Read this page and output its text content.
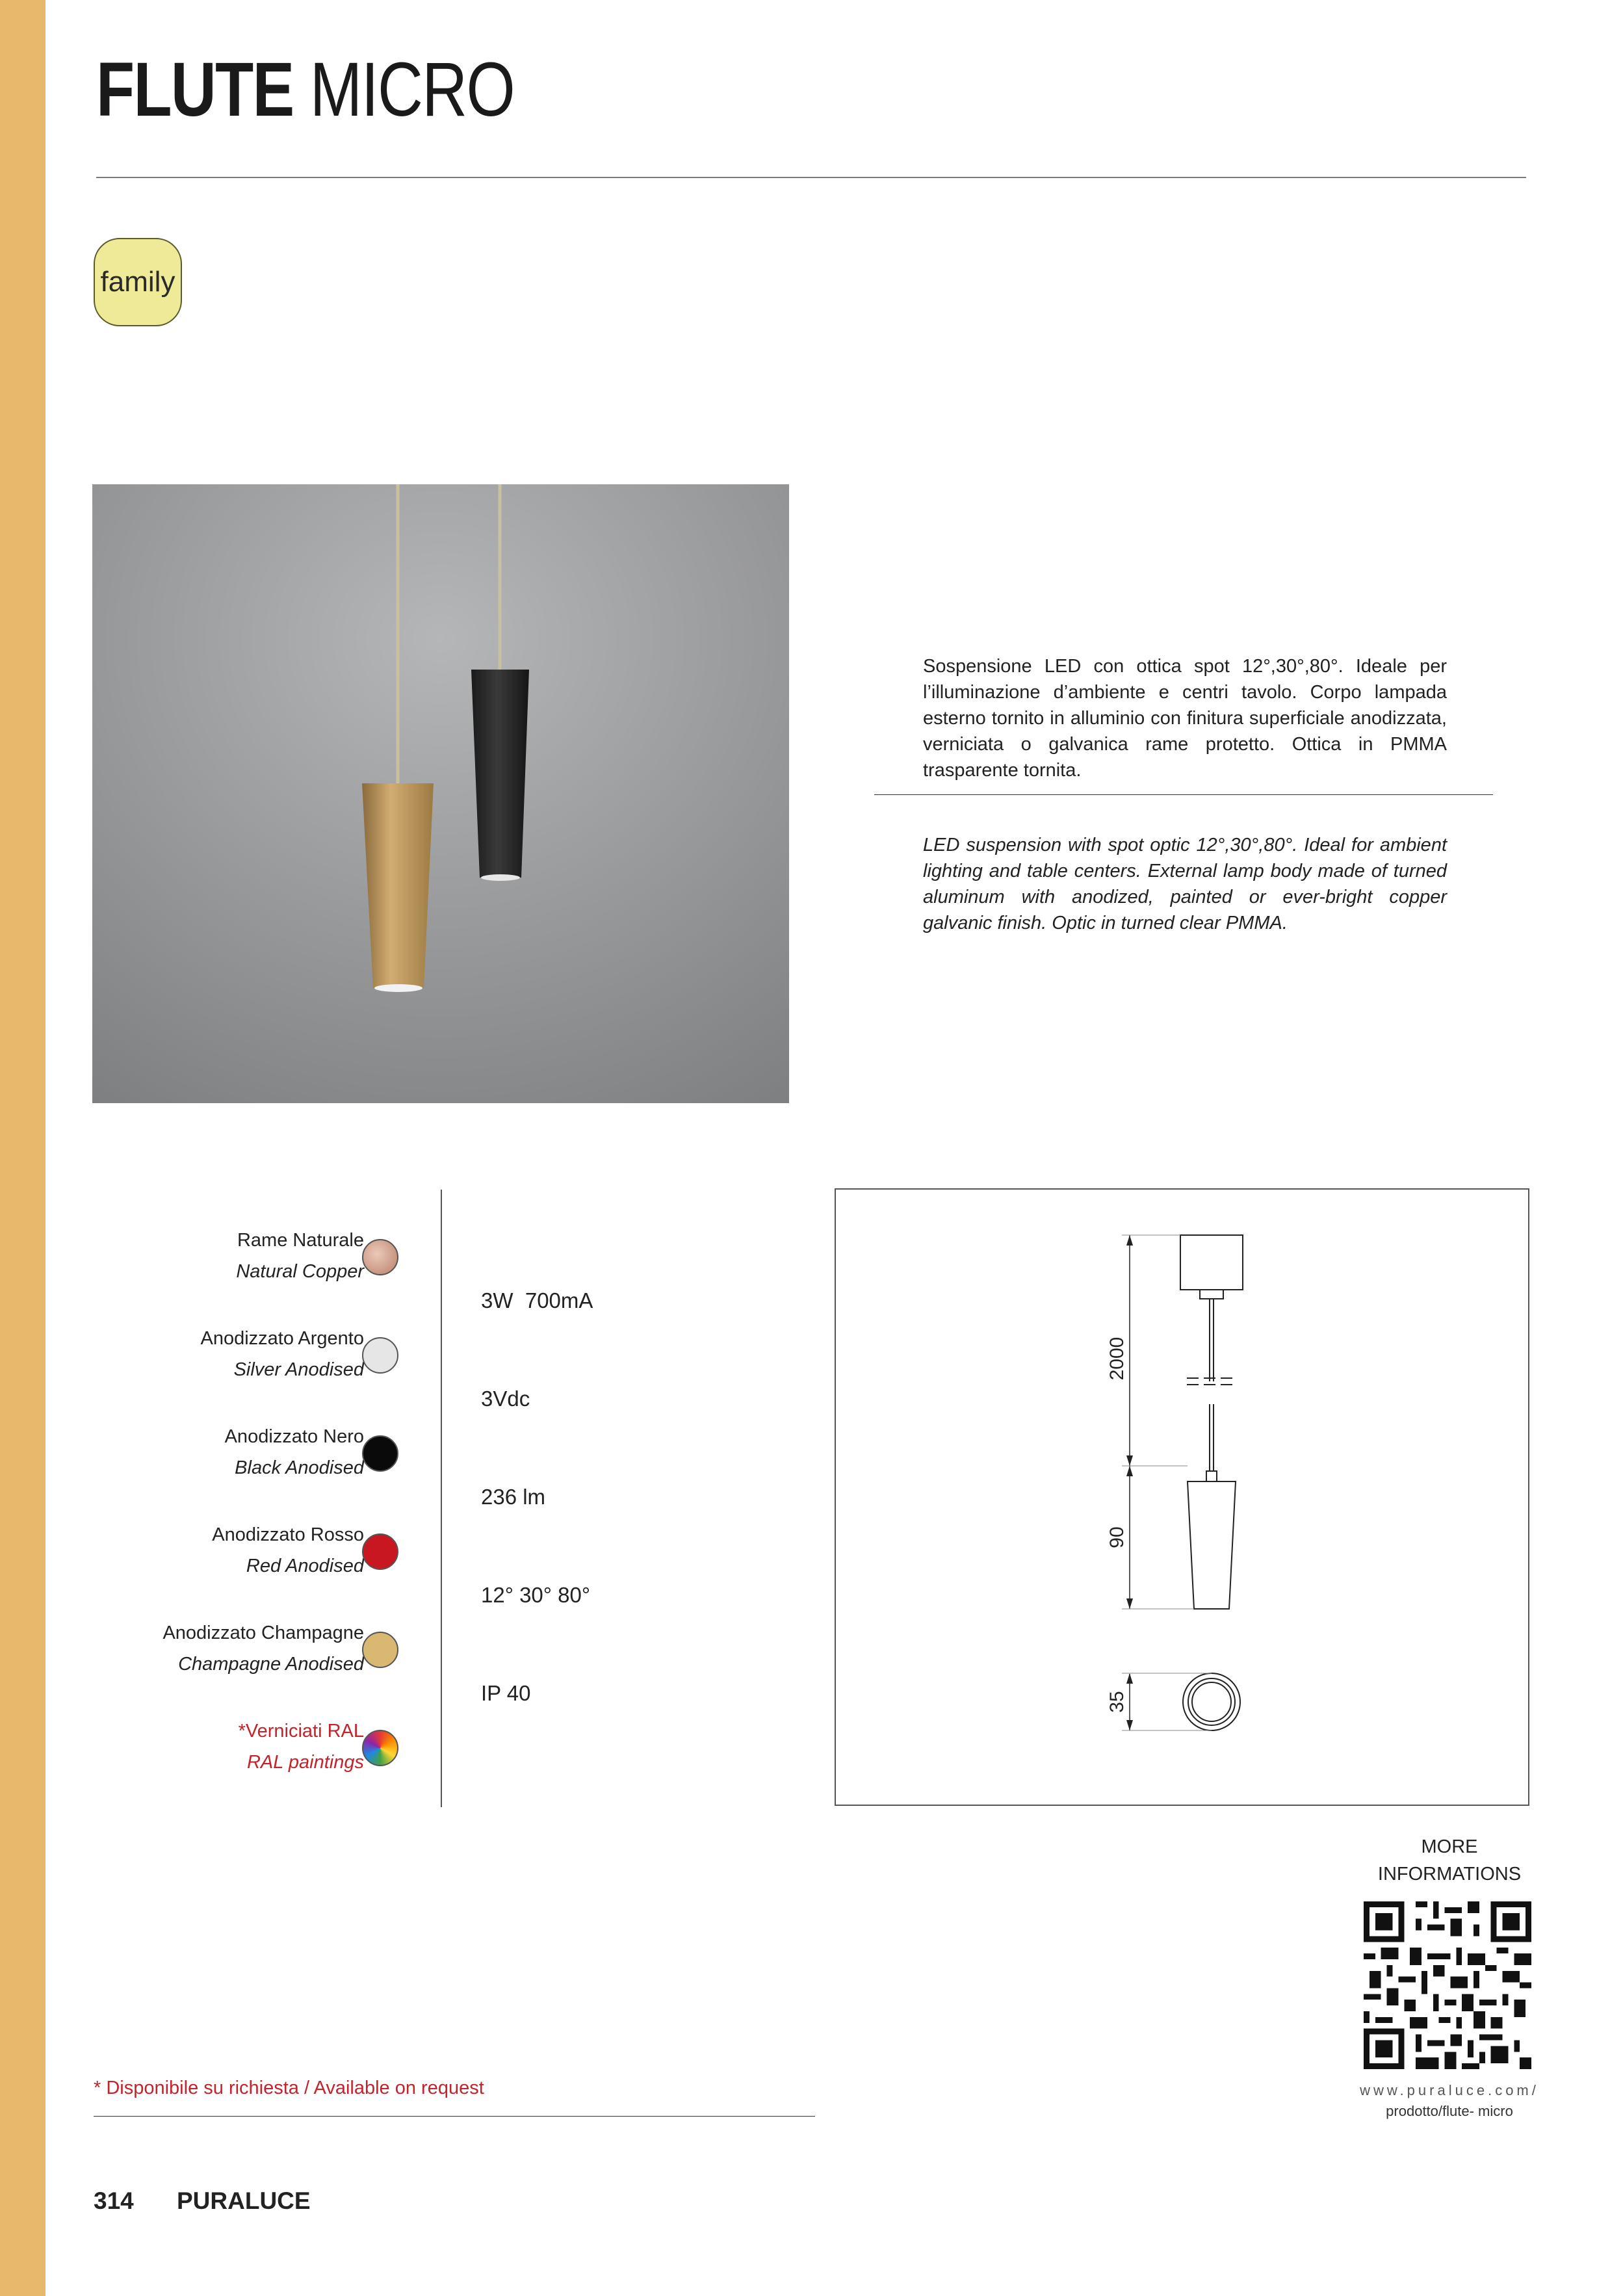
FLUTE MICRO
family
Sospensione LED con ottica spot 12°,30°,80°. Ideale per l’illuminazione d’ambiente e centri tavolo. Corpo lampada esterno tornito in alluminio con finitura superficiale anodizzata, verniciata o galvanica rame protetto. Ottica in PMMA trasparente tornita.
LED suspension with spot optic 12°,30°,80°. Ideal for ambient lighting and table centers. External lamp body made of turned aluminum with anodized, painted or ever-bright copper galvanic finish. Optic in turned clear PMMA.
Rame Naturale
Natural Copper
Anodizzato Argento
Silver Anodised
Anodizzato Nero
Black Anodised
Anodizzato Rosso
Red Anodised
Anodizzato Champagne
Champagne Anodised
*Verniciati RAL
RAL paintings
3W  700mA
3Vdc
236 lm
12° 30° 80°
IP 40
2000
90
35
MORE
INFORMATIONS
www.puraluce.com/
prodotto/flute- micro
* Disponibile su richiesta / Available on request
314 PURALUCE
